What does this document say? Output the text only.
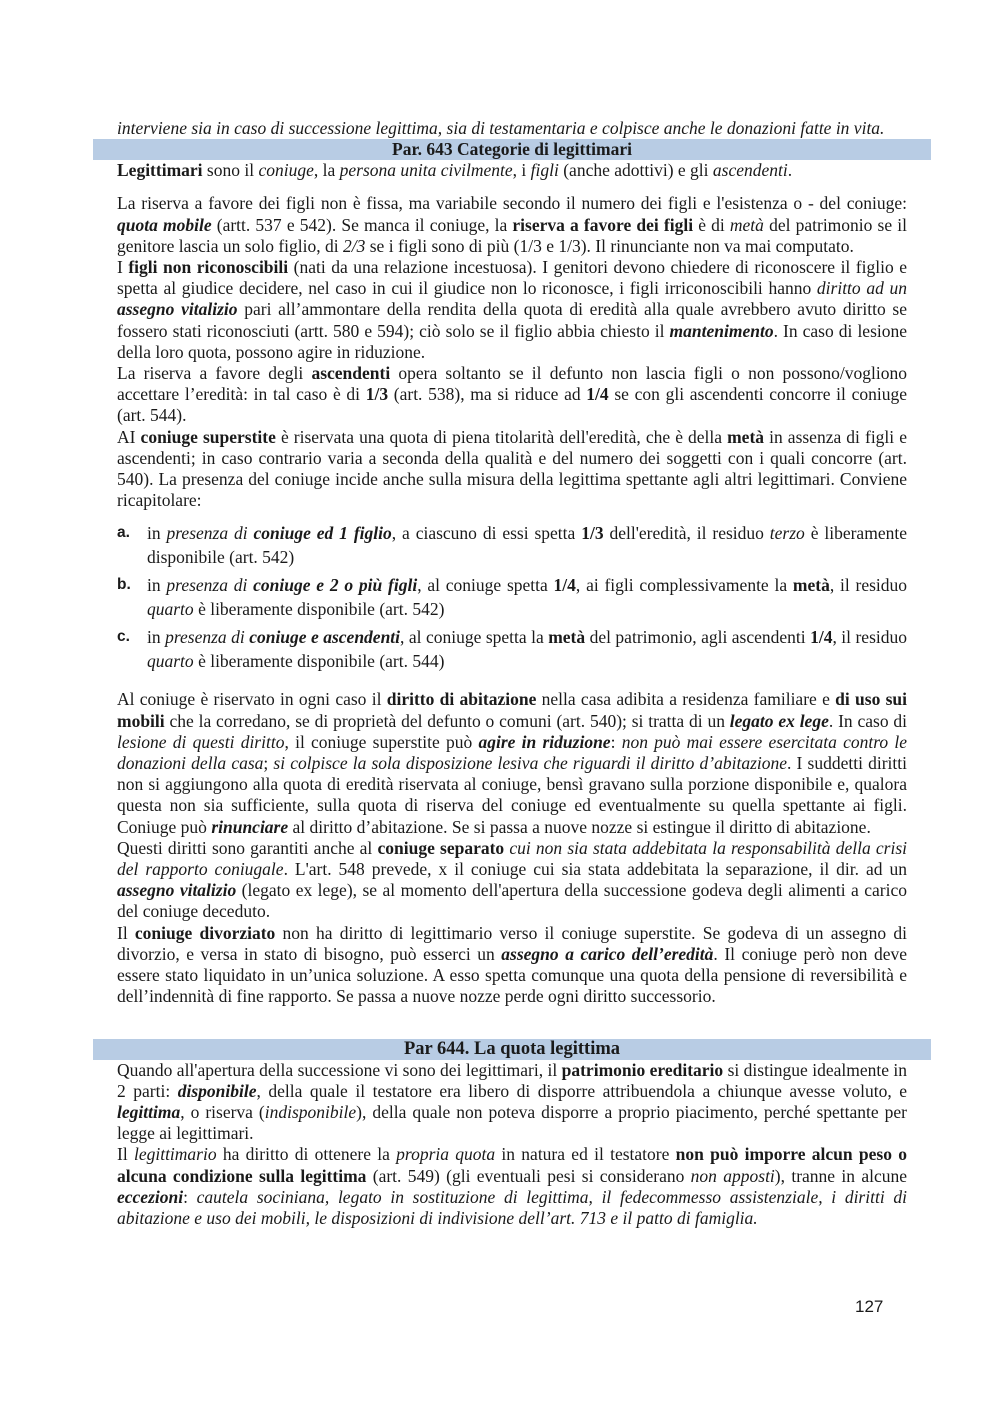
interviene sia in caso di successione legittima, sia di testamentaria e colpisce anche le donazioni fatte in vita.

Par. 643 Categorie di legittimari

Legittimari sono il coniuge, la persona unita civilmente, i figli (anche adottivi) e gli ascendenti.

La riserva a favore dei figli non è fissa, ma variabile secondo il numero dei figli e l'esistenza o - del coniuge: quota mobile (artt. 537 e 542). Se manca il coniuge, la riserva a favore dei figli è di metà del patrimonio se il genitore lascia un solo figlio, di 2/3 se i figli sono di più (1/3 e 1/3). Il rinunciante non va mai computato.

I figli non riconoscibili (nati da una relazione incestuosa). I genitori devono chiedere di riconoscere il figlio e spetta al giudice decidere, nel caso in cui il giudice non lo riconosce, i figli irriconoscibili hanno diritto ad un assegno vitalizio pari all’ammontare della rendita della quota di eredità alla quale avrebbero avuto diritto se fossero stati riconosciuti (artt. 580 e 594); ciò solo se il figlio abbia chiesto il mantenimento. In caso di lesione della loro quota, possono agire in riduzione.

La riserva a favore degli ascendenti opera soltanto se il defunto non lascia figli o non possono/vogliono accettare l’eredità: in tal caso è di 1/3 (art. 538), ma si riduce ad 1/4 se con gli ascendenti concorre il coniuge (art. 544).

AI coniuge superstite è riservata una quota di piena titolarità dell'eredità, che è della metà in assenza di figli e ascendenti; in caso contrario varia a seconda della qualità e del numero dei soggetti con i quali concorre (art. 540). La presenza del coniuge incide anche sulla misura della legittima spettante agli altri legittimari. Conviene ricapitolare:

a. in presenza di coniuge ed 1 figlio, a ciascuno di essi spetta 1/3 dell'eredità, il residuo terzo è liberamente disponibile (art. 542)
b. in presenza di coniuge e 2 o più figli, al coniuge spetta 1/4, ai figli complessivamente la metà, il residuo quarto è liberamente disponibile (art. 542)
c. in presenza di coniuge e ascendenti, al coniuge spetta la metà del patrimonio, agli ascendenti 1/4, il residuo quarto è liberamente disponibile (art. 544)

Al coniuge è riservato in ogni caso il diritto di abitazione nella casa adibita a residenza familiare e di uso sui mobili che la corredano, se di proprietà del defunto o comuni (art. 540); si tratta di un legato ex lege. In caso di lesione di questi diritto, il coniuge superstite può agire in riduzione: non può mai essere esercitata contro le donazioni della casa; si colpisce la sola disposizione lesiva che riguardi il diritto d’abitazione. I suddetti diritti non si aggiungono alla quota di eredità riservata al coniuge, bensì gravano sulla porzione disponibile e, qualora questa non sia sufficiente, sulla quota di riserva del coniuge ed eventualmente su quella spettante ai figli. Coniuge può rinunciare al diritto d’abitazione. Se si passa a nuove nozze si estingue il diritto di abitazione.

Questi diritti sono garantiti anche al coniuge separato cui non sia stata addebitata la responsabilità della crisi del rapporto coniugale. L'art. 548 prevede, x il coniuge cui sia stata addebitata la separazione, il dir. ad un assegno vitalizio (legato ex lege), se al momento dell'apertura della successione godeva degli alimenti a carico del coniuge deceduto.

Il coniuge divorziato non ha diritto di legittimario verso il coniuge superstite. Se godeva di un assegno di divorzio, e versa in stato di bisogno, può esserci un assegno a carico dell’eredità. Il coniuge però non deve essere stato liquidato in un’unica soluzione. A esso spetta comunque una quota della pensione di reversibilità e dell’indennità di fine rapporto. Se passa a nuove nozze perde ogni diritto successorio.

Par 644. La quota legittima

Quando all'apertura della successione vi sono dei legittimari, il patrimonio ereditario si distingue idealmente in 2 parti: disponibile, della quale il testatore era libero di disporre attribuendola a chiunque avesse voluto, e legittima, o riserva (indisponibile), della quale non poteva disporre a proprio piacimento, perché spettante per legge ai legittimari.

Il legittimario ha diritto di ottenere la propria quota in natura ed il testatore non può imporre alcun peso o alcuna condizione sulla legittima (art. 549) (gli eventuali pesi si considerano non apposti), tranne in alcune eccezioni: cautela sociniana, legato in sostituzione di legittima, il fedecommesso assistenziale, i diritti di abitazione e uso dei mobili, le disposizioni di indivisione dell’art. 713 e il patto di famiglia.

127
